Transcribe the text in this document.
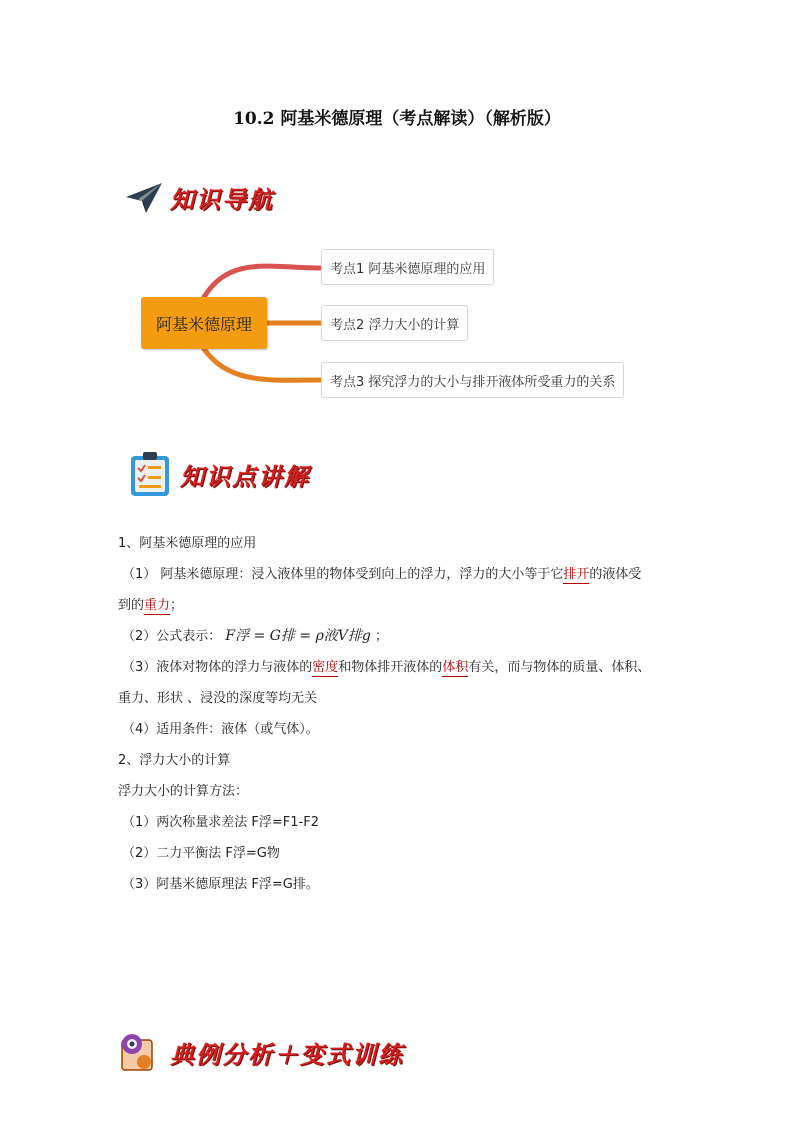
10.2 阿基米德原理（考点解读）（解析版）
知识导航
阿基米德原理
考点1 阿基米德原理的应用
考点2 浮力大小的计算
考点3 探究浮力的大小与排开液体所受重力的关系
知识点讲解

1、阿基米德原理的应用

（1） 阿基米德原理：浸入液体里的物体受到向上的浮力，浮力的大小等于它排开的液体受

到的重力；

（2）公式表示： F浮 = G排 = ρ液V排g ；

（3）液体对物体的浮力与液体的密度和物体排开液体的体积有关，而与物体的质量、体积、

重力、形状 、浸没的深度等均无关

（4）适用条件：液体（或气体）。

2、浮力大小的计算

浮力大小的计算方法：

（1）两次称量求差法 F浮=F1-F2

（2）二力平衡法 F浮=G物

（3）阿基米德原理法 F浮=G排。

典例分析＋变式训练
